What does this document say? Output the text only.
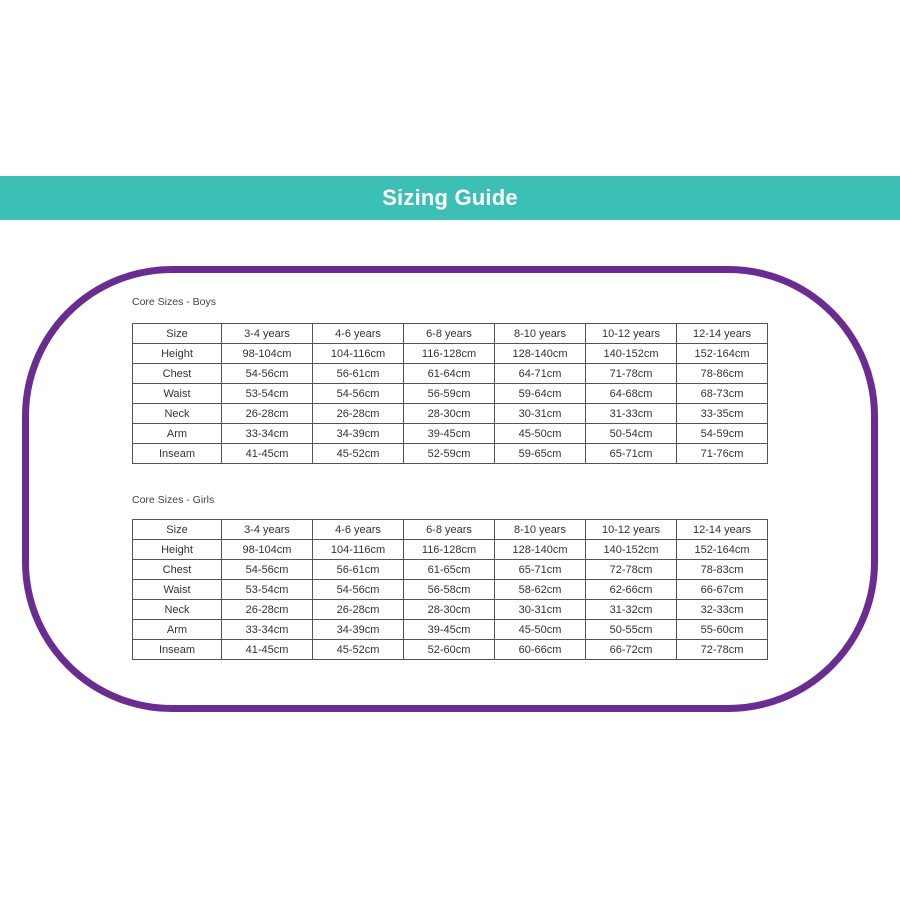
Sizing Guide
Core Sizes - Boys
Size	3-4 years	4-6 years	6-8 years	8-10 years	10-12 years	12-14 years
Height	98-104cm	104-116cm	116-128cm	128-140cm	140-152cm	152-164cm
Chest	54-56cm	56-61cm	61-64cm	64-71cm	71-78cm	78-86cm
Waist	53-54cm	54-56cm	56-59cm	59-64cm	64-68cm	68-73cm
Neck	26-28cm	26-28cm	28-30cm	30-31cm	31-33cm	33-35cm
Arm	33-34cm	34-39cm	39-45cm	45-50cm	50-54cm	54-59cm
Inseam	41-45cm	45-52cm	52-59cm	59-65cm	65-71cm	71-76cm
Core Sizes - Girls
Size	3-4 years	4-6 years	6-8 years	8-10 years	10-12 years	12-14 years
Height	98-104cm	104-116cm	116-128cm	128-140cm	140-152cm	152-164cm
Chest	54-56cm	56-61cm	61-65cm	65-71cm	72-78cm	78-83cm
Waist	53-54cm	54-56cm	56-58cm	58-62cm	62-66cm	66-67cm
Neck	26-28cm	26-28cm	28-30cm	30-31cm	31-32cm	32-33cm
Arm	33-34cm	34-39cm	39-45cm	45-50cm	50-55cm	55-60cm
Inseam	41-45cm	45-52cm	52-60cm	60-66cm	66-72cm	72-78cm
